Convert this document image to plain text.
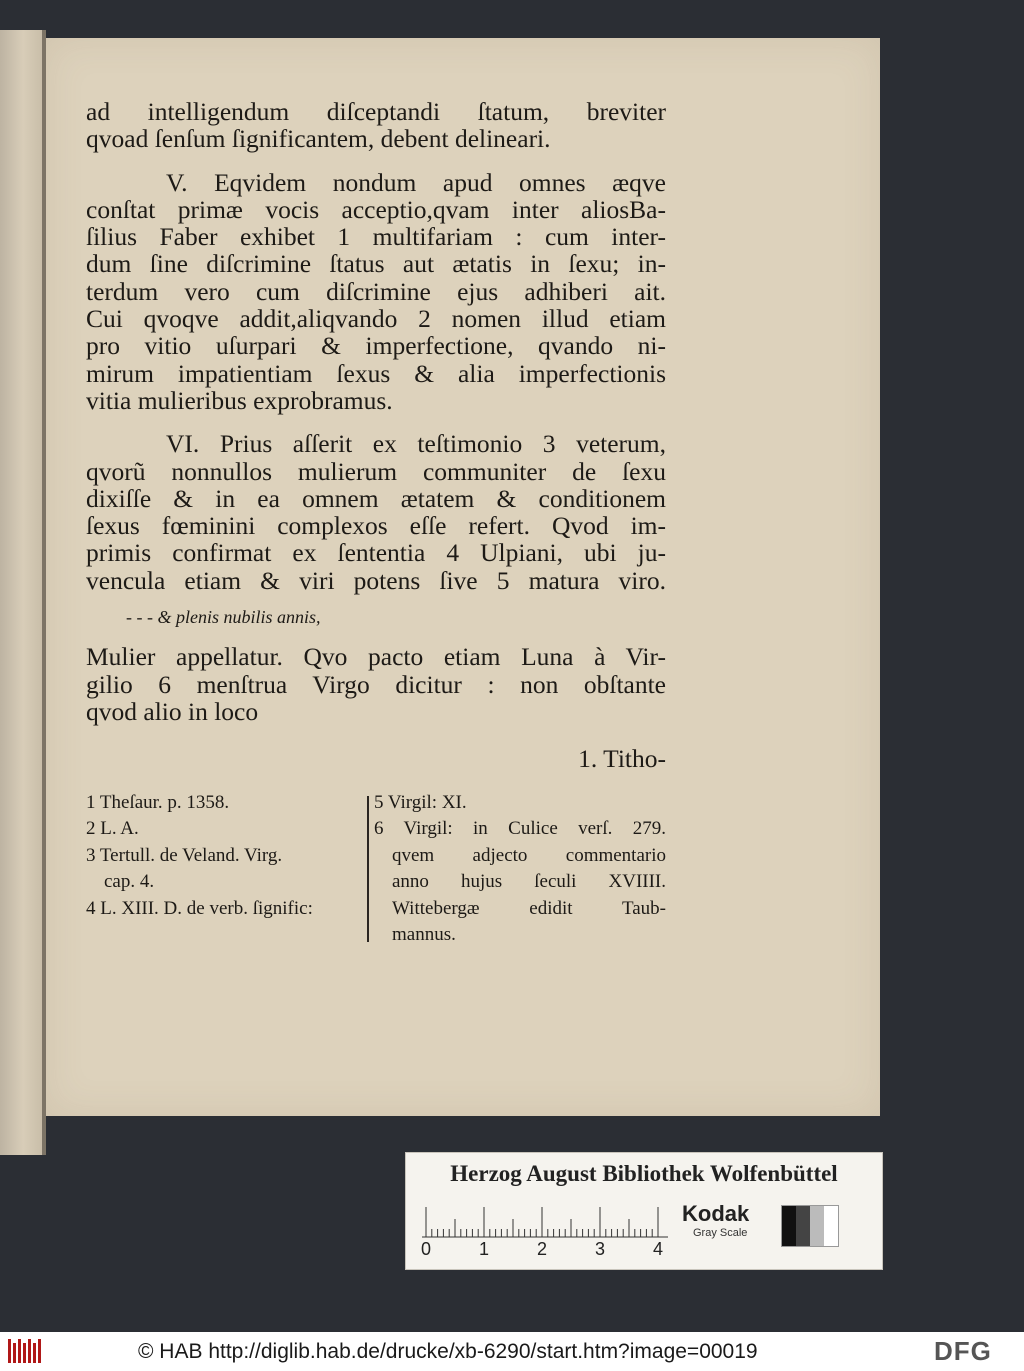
ad intelligendum diſceptandi ſtatum, breviter
qvoad ſenſum ſignificantem, debent delineari.
V. Eqvidem nondum apud omnes æqve
conſtat primæ vocis acceptio,qvam inter aliosBa-
ſilius Faber exhibet 1 multifariam : cum inter-
dum ſine diſcrimine ſtatus aut ætatis in ſexu; in-
terdum vero cum diſcrimine ejus adhiberi ait.
Cui qvoqve addit,aliqvando 2 nomen illud etiam
pro vitio uſurpari & imperfectione, qvando ni-
mirum impatientiam ſexus & alia imperfectionis
vitia mulieribus exprobramus.
VI. Prius aſſerit ex teſtimonio 3 veterum,
qvorũ nonnullos mulierum communiter de ſexu
dixiſſe & in ea omnem ætatem & conditionem
ſexus fœminini complexos eſſe refert. Qvod im-
primis confirmat ex ſententia 4 Ulpiani, ubi ju-
vencula etiam & viri potens ſive 5 matura viro.
- - - & plenis nubilis annis,
Mulier appellatur. Qvo pacto etiam Luna à Vir-
gilio 6 menſtrua Virgo dicitur : non obſtante
qvod alio in loco
1. Titho-
1 Theſaur. p. 1358.
2 L. A.
3 Tertull. de Veland. Virg.
cap. 4.
4 L. XIII. D. de verb. ſignific:
5 Virgil: XI.
6 Virgil: in Culice verſ. 279.
qvem adjecto commentario
anno hujus ſeculi XVIIII.
Wittebergæ edidit Taub-
mannus.
Herzog August Bibliothek Wolfenbüttel
0	1	2	3	4
Kodak
Gray Scale
© HAB http://diglib.hab.de/drucke/xb-6290/start.htm?image=00019	DFG
